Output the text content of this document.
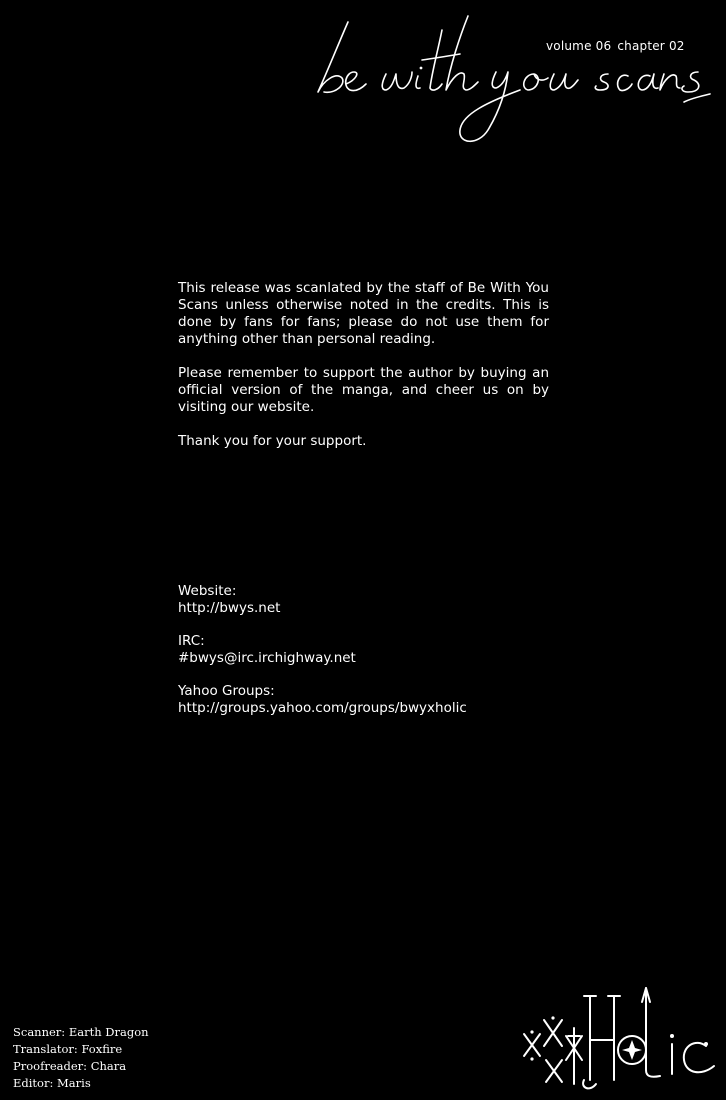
volume 06 chapter 02

This release was scanlated by the staff of Be With You Scans unless otherwise noted in the credits. This is done by fans for fans; please do not use them for anything other than personal reading.

Please remember to support the author by buying an official version of the manga, and cheer us on by visiting our website.

Thank you for your support.

Website:
http://bwys.net
IRC:
#bwys@irc.irchighway.net
Yahoo Groups:
http://groups.yahoo.com/groups/bwyxholic
Scanner: Earth Dragon
Translator: Foxfire
Proofreader: Chara
Editor: Maris
